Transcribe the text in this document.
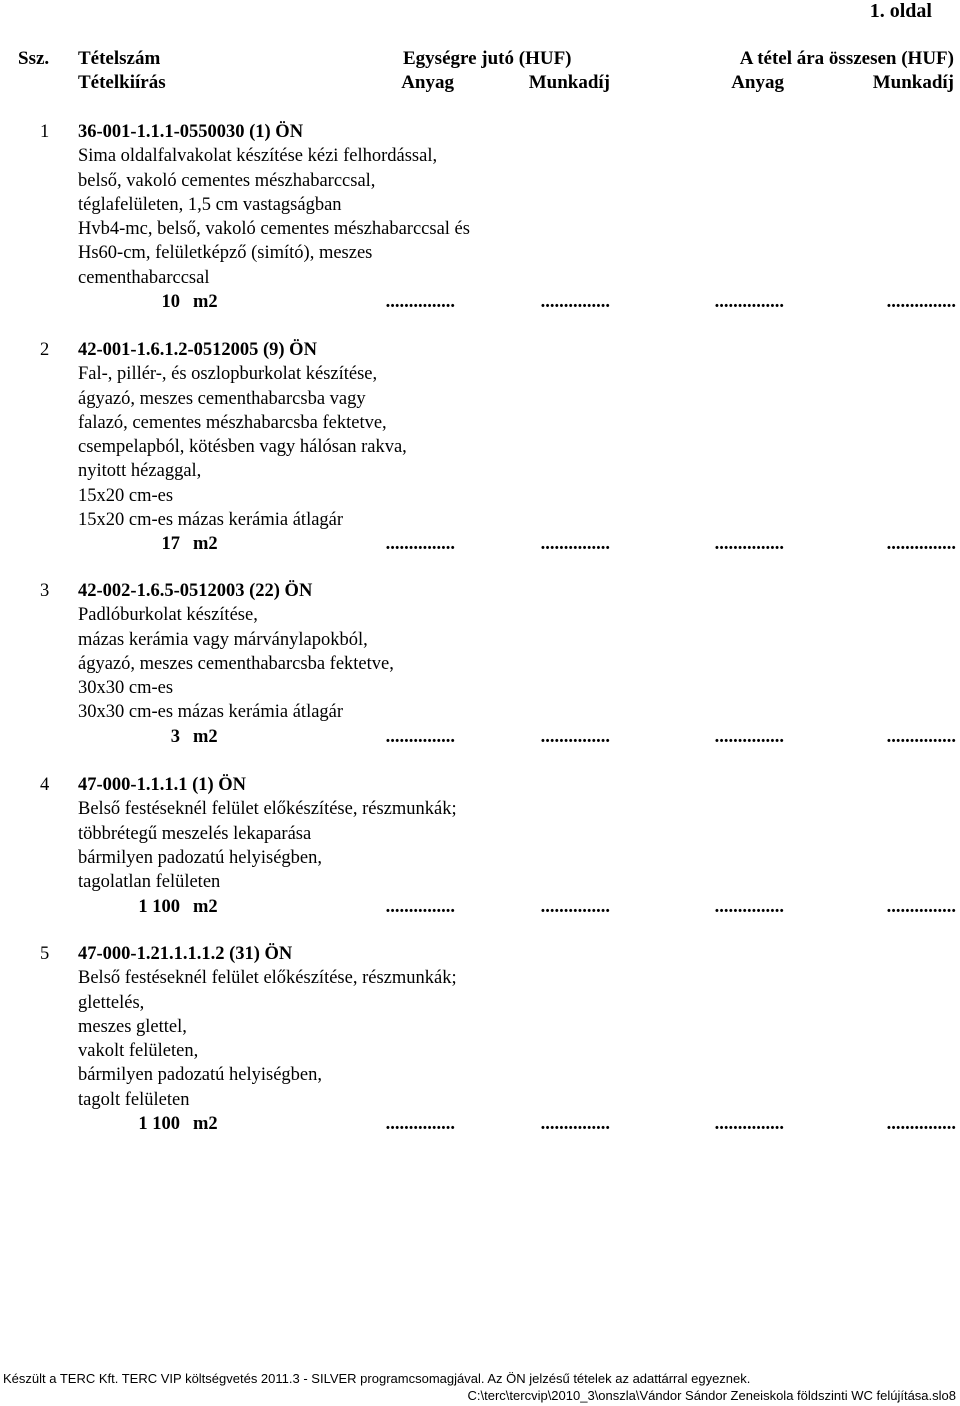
1. oldal
Ssz. Tételszám	Egységre jutó (HUF)	A tétel ára összesen (HUF)
Tételkiírás	Anyag	Munkadíj	Anyag	Munkadíj
1 36-001-1.1.1-0550030 (1) ÖN
Sima oldalfalvakolat készítése kézi felhordással,
belső, vakoló cementes mészhabarccsal,
téglafelületen, 1,5 cm vastagságban
Hvb4-mc, belső, vakoló cementes mészhabarccsal és
Hs60-cm, felületképző (simító), meszes
cementhabarccsal
10 m2	...............	...............	...............	...............
2 42-001-1.6.1.2-0512005 (9) ÖN
Fal-, pillér-, és oszlopburkolat készítése,
ágyazó, meszes cementhabarcsba vagy
falazó, cementes mészhabarcsba fektetve,
csempelapból, kötésben vagy hálósan rakva,
nyitott hézaggal,
15x20 cm-es
15x20 cm-es mázas kerámia átlagár
17 m2	...............	...............	...............	...............
3 42-002-1.6.5-0512003 (22) ÖN
Padlóburkolat készítése,
mázas kerámia vagy márványlapokból,
ágyazó, meszes cementhabarcsba fektetve,
30x30 cm-es
30x30 cm-es mázas kerámia átlagár
3 m2	...............	...............	...............	...............
4 47-000-1.1.1.1 (1) ÖN
Belső festéseknél felület előkészítése, részmunkák;
többrétegű meszelés lekaparása
bármilyen padozatú helyiségben,
tagolatlan felületen
1 100 m2	...............	...............	...............	...............
5 47-000-1.21.1.1.1.2 (31) ÖN
Belső festéseknél felület előkészítése, részmunkák;
glettelés,
meszes glettel,
vakolt felületen,
bármilyen padozatú helyiségben,
tagolt felületen
1 100 m2	...............	...............	...............	...............
Készült a TERC Kft. TERC VIP költségvetés 2011.3 - SILVER programcsomagjával. Az ÖN jelzésű tételek az adattárral egyeznek.
C:\terc\tercvip\2010_3\onszla\Vándor Sándor Zeneiskola földszinti WC felújítása.slo8
